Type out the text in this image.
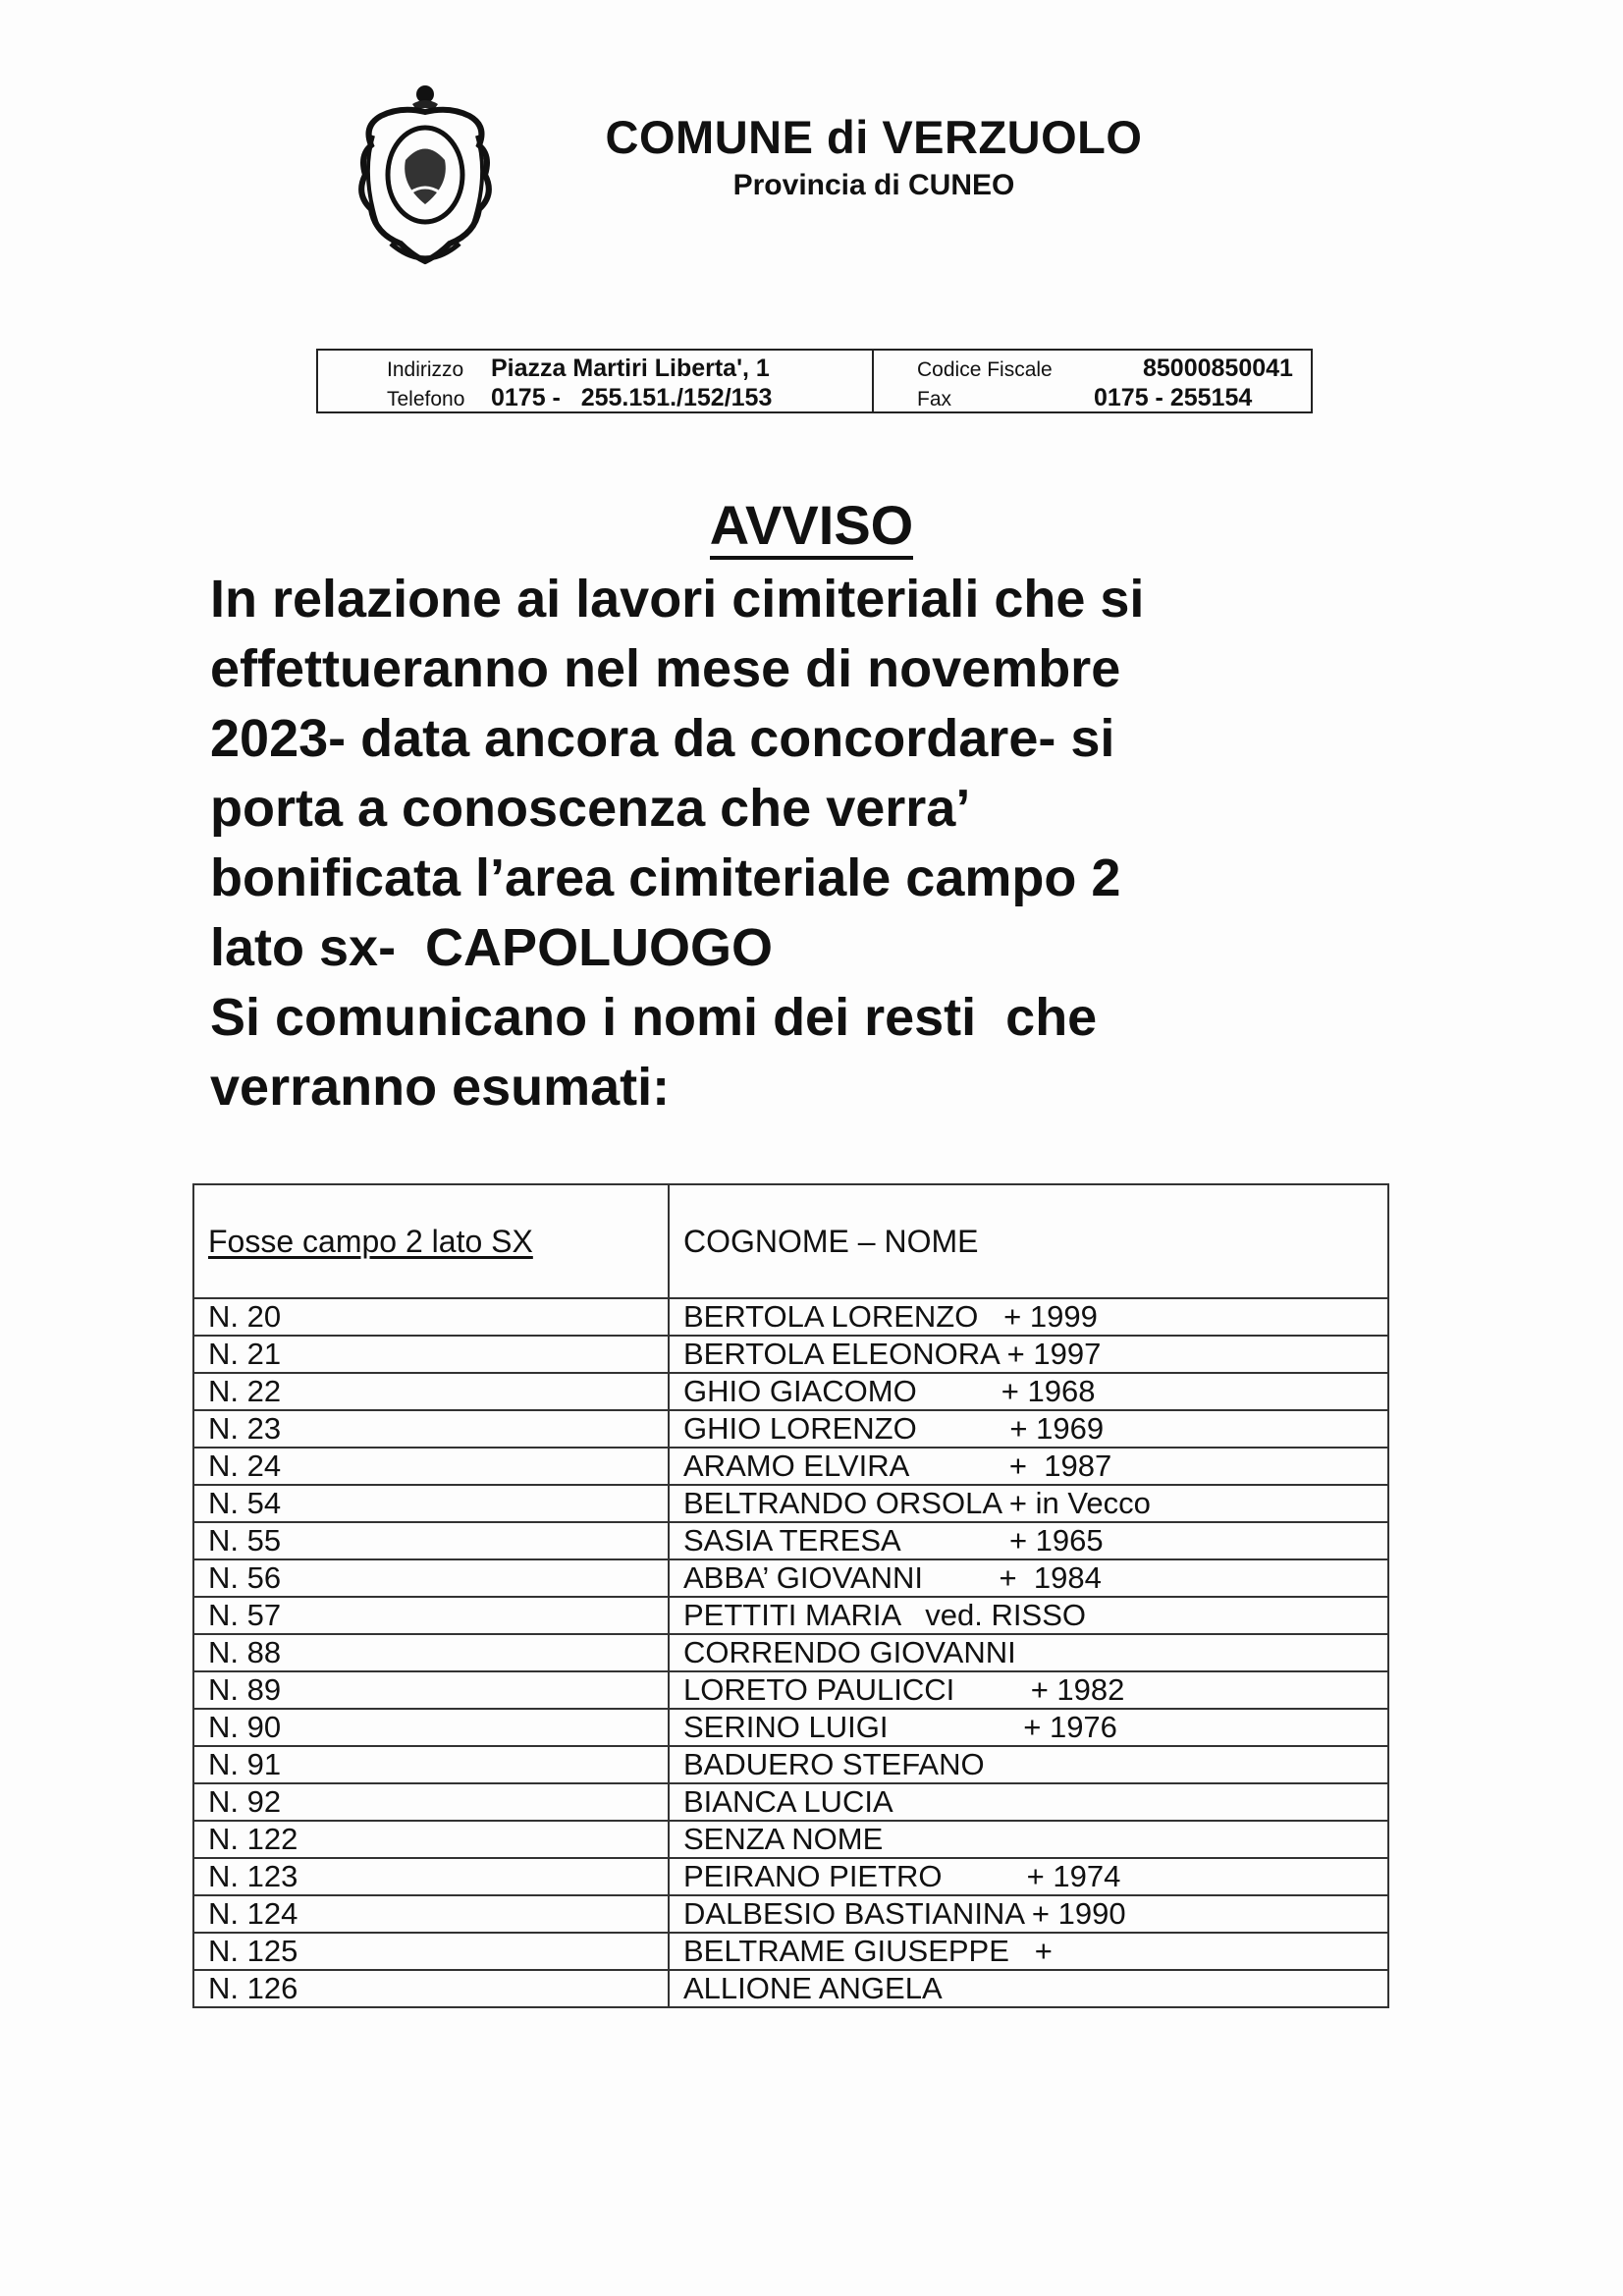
COMUNE di VERZUOLO
Provincia di CUNEO
Indirizzo Piazza Martiri Liberta', 1
Telefono 0175 -   255.151./152/153
Codice Fiscale	85000850041
Fax	0175 - 255154
AVVISO
In relazione ai lavori cimiteriali che si
effettueranno nel mese di novembre
2023- data ancora da concordare- si
porta a conoscenza che verra’
bonificata l’area cimiteriale campo 2
lato sx-  CAPOLUOGO
Si comunicano i nomi dei resti  che
verranno esumati:
Fosse campo 2 lato SX	COGNOME – NOME
N. 20	BERTOLA LORENZO   + 1999
N. 21	BERTOLA ELEONORA + 1997
N. 22	GHIO GIACOMO          + 1968
N. 23	GHIO LORENZO           + 1969
N. 24	ARAMO ELVIRA            +  1987
N. 54	BELTRANDO ORSOLA + in Vecco
N. 55	SASIA TERESA             + 1965
N. 56	ABBA’ GIOVANNI         +  1984
N. 57	PETTITI MARIA   ved. RISSO
N. 88	CORRENDO GIOVANNI
N. 89	LORETO PAULICCI         + 1982
N. 90	SERINO LUIGI                + 1976
N. 91	BADUERO STEFANO
N. 92	BIANCA LUCIA
N. 122	SENZA NOME
N. 123	PEIRANO PIETRO          + 1974
N. 124	DALBESIO BASTIANINA + 1990
N. 125	BELTRAME GIUSEPPE   +
N. 126	ALLIONE ANGELA
